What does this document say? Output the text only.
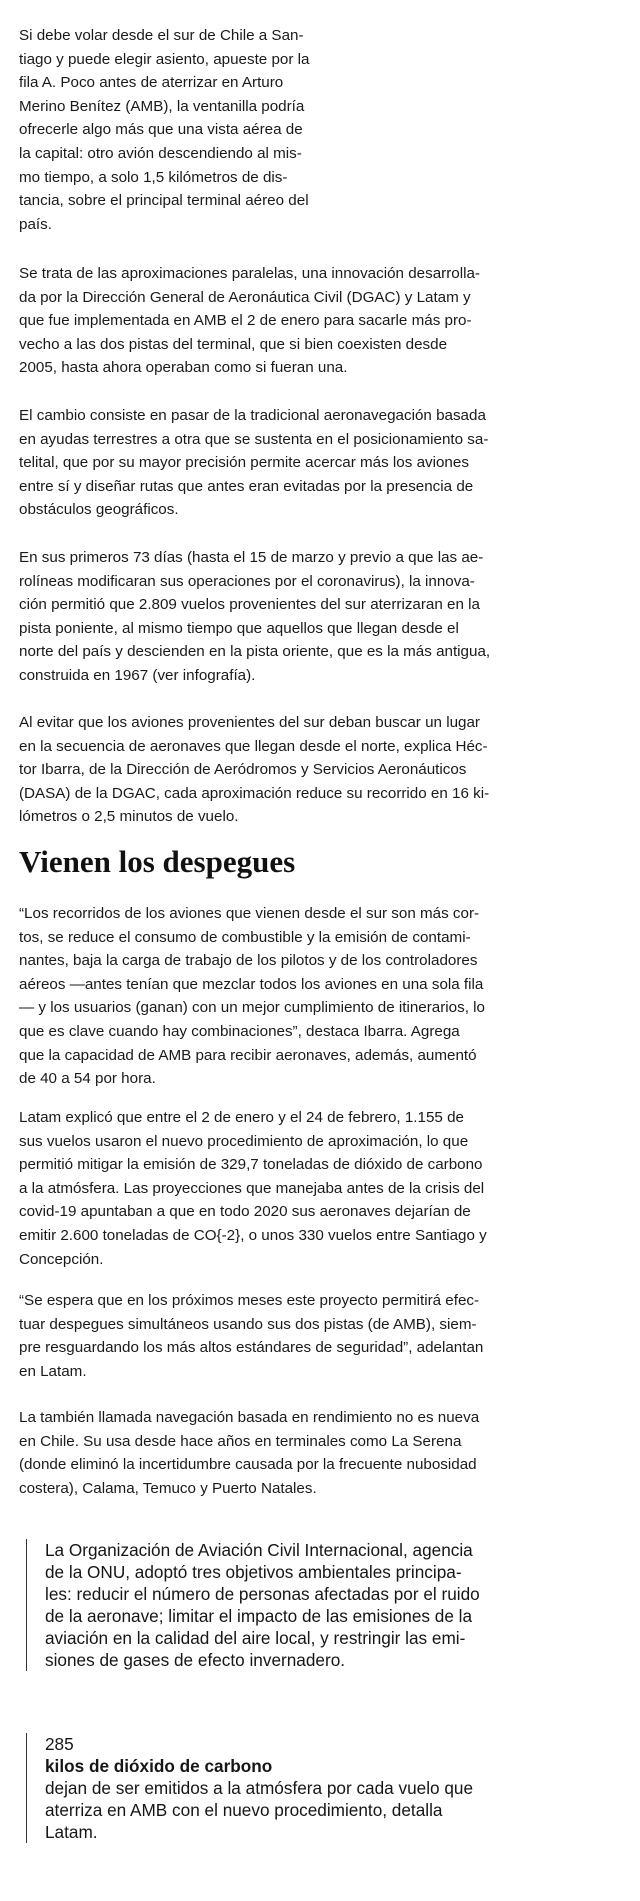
Si debe volar desde el sur de Chile a San-
tiago y puede elegir asiento, apueste por la
fila A. Poco antes de aterrizar en Arturo
Merino Benítez (AMB), la ventanilla podría
ofrecerle algo más que una vista aérea de
la capital: otro avión descendiendo al mis-
mo tiempo, a solo 1,5 kilómetros de dis-
tancia, sobre el principal terminal aéreo del
país.

Se trata de las aproximaciones paralelas, una innovación desarrolla-
da por la Dirección General de Aeronáutica Civil (DGAC) y Latam y
que fue implementada en AMB el 2 de enero para sacarle más pro-
vecho a las dos pistas del terminal, que si bien coexisten desde
2005, hasta ahora operaban como si fueran una.

El cambio consiste en pasar de la tradicional aeronavegación basada
en ayudas terrestres a otra que se sustenta en el posicionamiento sa-
telital, que por su mayor precisión permite acercar más los aviones
entre sí y diseñar rutas que antes eran evitadas por la presencia de
obstáculos geográficos.

En sus primeros 73 días (hasta el 15 de marzo y previo a que las ae-
rolíneas modificaran sus operaciones por el coronavirus), la innova-
ción permitió que 2.809 vuelos provenientes del sur aterrizaran en la
pista poniente, al mismo tiempo que aquellos que llegan desde el
norte del país y descienden en la pista oriente, que es la más antigua,
construida en 1967 (ver infografía).

Al evitar que los aviones provenientes del sur deban buscar un lugar
en la secuencia de aeronaves que llegan desde el norte, explica Héc-
tor Ibarra, de la Dirección de Aeródromos y Servicios Aeronáuticos
(DASA) de la DGAC, cada aproximación reduce su recorrido en 16 ki-
lómetros o 2,5 minutos de vuelo.

Vienen los despegues

“Los recorridos de los aviones que vienen desde el sur son más cor-
tos, se reduce el consumo de combustible y la emisión de contami-
nantes, baja la carga de trabajo de los pilotos y de los controladores
aéreos —antes tenían que mezclar todos los aviones en una sola fila
— y los usuarios (ganan) con un mejor cumplimiento de itinerarios, lo
que es clave cuando hay combinaciones”, destaca Ibarra. Agrega
que la capacidad de AMB para recibir aeronaves, además, aumentó
de 40 a 54 por hora.

Latam explicó que entre el 2 de enero y el 24 de febrero, 1.155 de
sus vuelos usaron el nuevo procedimiento de aproximación, lo que
permitió mitigar la emisión de 329,7 toneladas de dióxido de carbono
a la atmósfera. Las proyecciones que manejaba antes de la crisis del
covid-19 apuntaban a que en todo 2020 sus aeronaves dejarían de
emitir 2.600 toneladas de CO{-2}, o unos 330 vuelos entre Santiago y
Concepción.

“Se espera que en los próximos meses este proyecto permitirá efec-
tuar despegues simultáneos usando sus dos pistas (de AMB), siem-
pre resguardando los más altos estándares de seguridad”, adelantan
en Latam.

La también llamada navegación basada en rendimiento no es nueva
en Chile. Su usa desde hace años en terminales como La Serena
(donde eliminó la incertidumbre causada por la frecuente nubosidad
costera), Calama, Temuco y Puerto Natales.

La Organización de Aviación Civil Internacional, agencia
de la ONU, adoptó tres objetivos ambientales principa-
les: reducir el número de personas afectadas por el ruido
de la aeronave; limitar el impacto de las emisiones de la
aviación en la calidad del aire local, y restringir las emi-
siones de gases de efecto invernadero.
285
kilos de dióxido de carbono
dejan de ser emitidos a la atmósfera por cada vuelo que
aterriza en AMB con el nuevo procedimiento, detalla
Latam.
